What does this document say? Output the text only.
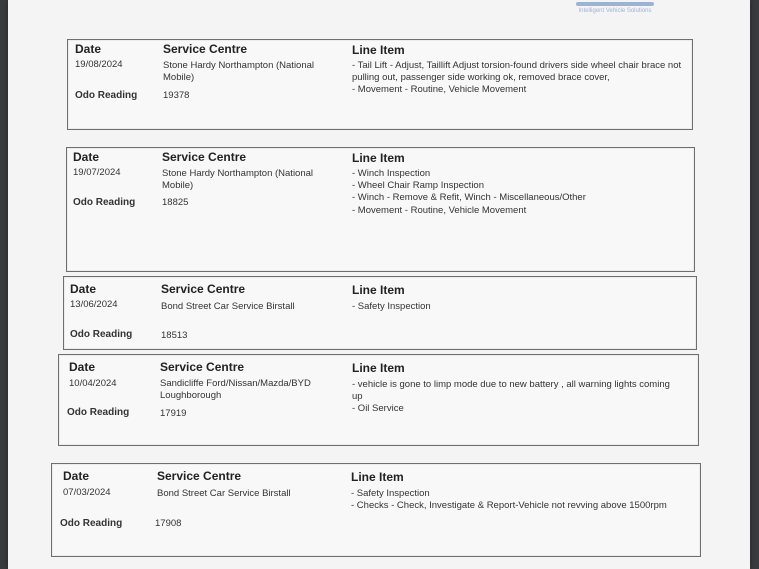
Intelligent Vehicle Solutions
Date
19/08/2024
Service Centre
Stone Hardy Northampton (National Mobile)
Line Item
- Tail Lift - Adjust, Taillift Adjust torsion-found drivers side wheel chair brace not pulling out, passenger side working ok, removed brace cover,
- Movement - Routine, Vehicle Movement
Odo Reading	19378
Date
19/07/2024
Service Centre
Stone Hardy Northampton (National Mobile)
Line Item
- Winch Inspection
- Wheel Chair Ramp Inspection
- Winch - Remove & Refit, Winch - Miscellaneous/Other
- Movement - Routine, Vehicle Movement
Odo Reading	18825
Date
13/06/2024
Service Centre
Bond Street Car Service Birstall
Line Item
- Safety Inspection
Odo Reading	18513
Date
10/04/2024
Service Centre
Sandicliffe Ford/Nissan/Mazda/BYD Loughborough
Line Item
- vehicle is gone to limp mode due to new battery , all warning lights coming up
- Oil Service
Odo Reading	17919
Date
07/03/2024
Service Centre
Bond Street Car Service Birstall
Line Item
- Safety Inspection
- Checks - Check, Investigate & Report-Vehicle not revving above 1500rpm
Odo Reading	17908
